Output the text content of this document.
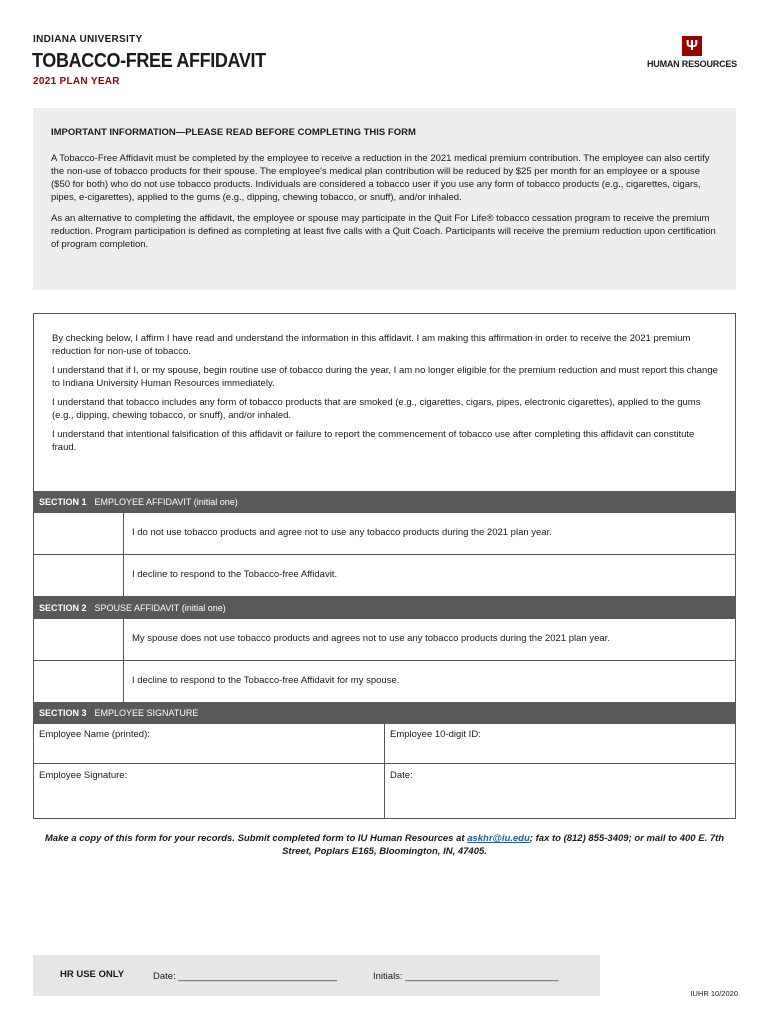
INDIANA UNIVERSITY
TOBACCO-FREE AFFIDAVIT
2021 PLAN YEAR
Ψ
HUMAN RESOURCES
IMPORTANT INFORMATION—PLEASE READ BEFORE COMPLETING THIS FORM

A Tobacco-Free Affidavit must be completed by the employee to receive a reduction in the 2021 medical premium contribution. The employee can also certify the non-use of tobacco products for their spouse. The employee's medical plan contribution will be reduced by $25 per month for an employee or a spouse ($50 for both) who do not use tobacco products. Individuals are considered a tobacco user if you use any form of tobacco products (e.g., cigarettes, cigars, pipes, e-cigarettes), applied to the gums (e.g., dipping, chewing tobacco, or snuff), and/or inhaled.

As an alternative to completing the affidavit, the employee or spouse may participate in the Quit For Life® tobacco cessation program to receive the premium reduction. Program participation is defined as completing at least five calls with a Quit Coach. Participants will receive the premium reduction upon certification of program completion.

By checking below, I affirm I have read and understand the information in this affidavit. I am making this affirmation in order to receive the 2021 premium reduction for non-use of tobacco.

I understand that if I, or my spouse, begin routine use of tobacco during the year, I am no longer eligible for the premium reduction and must report this change to Indiana University Human Resources immediately.

I understand that tobacco includes any form of tobacco products that are smoked (e.g., cigarettes, cigars, pipes, electronic cigarettes), applied to the gums (e.g., dipping, chewing tobacco, or snuff), and/or inhaled.

I understand that intentional falsification of this affidavit or failure to report the commencement of tobacco use after completing this affidavit can constitute fraud.

SECTION 1 EMPLOYEE AFFIDAVIT (initial one)
I do not use tobacco products and agree not to use any tobacco products during the 2021 plan year.
I decline to respond to the Tobacco-free Affidavit.
SECTION 2 SPOUSE AFFIDAVIT (initial one)
My spouse does not use tobacco products and agrees not to use any tobacco products during the 2021 plan year.
I decline to respond to the Tobacco-free Affidavit for my spouse.
SECTION 3 EMPLOYEE SIGNATURE
Employee Name (printed):	Employee 10-digit ID:
Employee Signature:	Date:
Make a copy of this form for your records. Submit completed form to IU Human Resources at askhr@iu.edu; fax to (812) 855-3409; or mail to 400 E. 7th Street, Poplars E165, Bloomington, IN, 47405.
HR USE ONLY	Date: ______________________________	Initials: _____________________________
IUHR 10/2020
